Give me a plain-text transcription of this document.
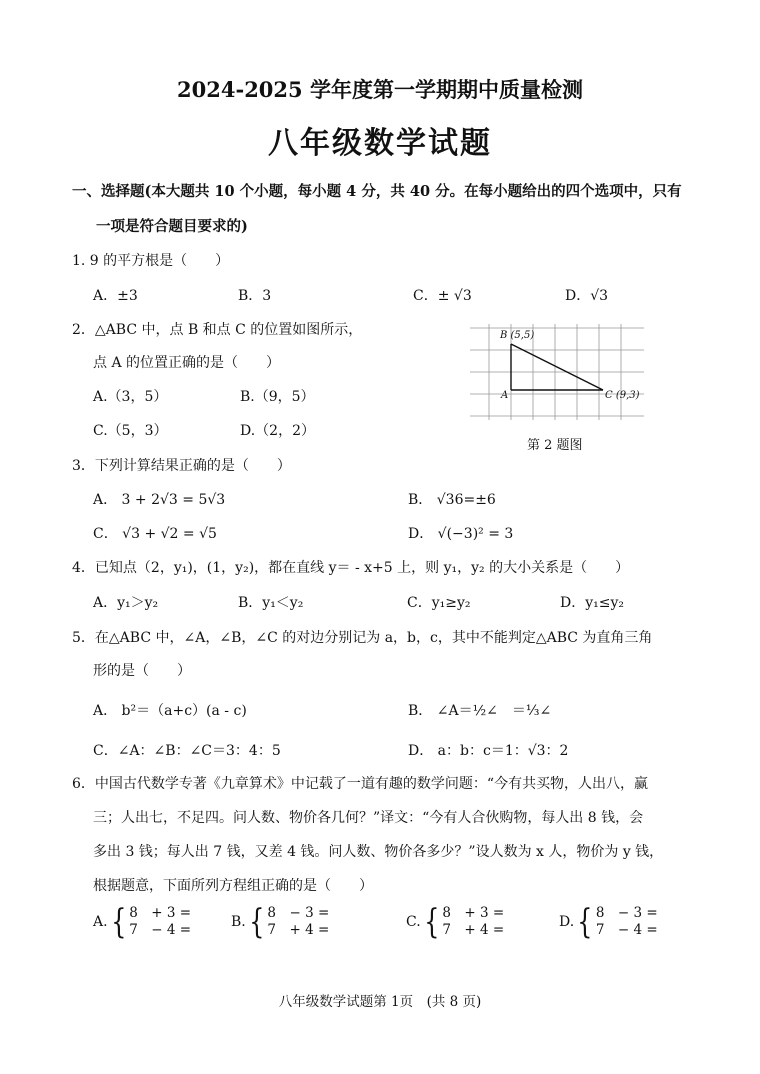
2024-2025 学年度第一学期期中质量检测
八年级数学试题
一、选择题(本大题共 10 个小题，每小题 4 分，共 40 分。在每小题给出的四个选项中，只有
一项是符合题目要求的)
1. 9 的平方根是（　　）
A．±3	B．3	C．± √3	D．√3
2．△ABC 中，点 B 和点 C 的位置如图所示，
点 A 的位置正确的是（　　）
A.（3，5）	B.（9，5）
C.（5，3）	D.（2，2）
B (5,5)
A	C (9,3)
第 2 题图
3．下列计算结果正确的是（　　）
A． 3 + 2√3 = 5√3	B． √36=±6
C． √3 + √2 = √5	D． √(−3)² = 3
4．已知点（2，y₁)，(1，y₂)，都在直线 y＝ - x+5 上，则 y₁，y₂ 的大小关系是（　　）
A．y₁＞y₂	B．y₁＜y₂	C．y₁≥y₂	D．y₁≤y₂
5．在△ABC 中，∠A，∠B，∠C 的对边分别记为 a，b，c，其中不能判定△ABC 为直角三角
形的是（　　）
A． b²＝（a+c）(a - c)	B． ∠A＝½∠　＝⅓∠
C．∠A：∠B：∠C＝3：4：5	D． a：b：c＝1：√3：2
6．中国古代数学专著《九章算术》中记载了一道有趣的数学问题：“今有共买物，人出八，赢
三；人出七，不足四。问人数、物价各几何？”译文：“今有人合伙购物，每人出 8 钱，会
多出 3 钱；每人出 7 钱，又差 4 钱。问人数、物价各多少？”设人数为 x 人，物价为 y 钱，
根据题意，下面所列方程组正确的是（　　）
A.{ 8　+ 3 =
7　− 4 =	B.{ 8　− 3 =
7　+ 4 =	C.{ 8　+ 3 =
7　+ 4 =	D.{ 8　− 3 =
7　− 4 =
八年级数学试题第 1页　(共 8 页)
